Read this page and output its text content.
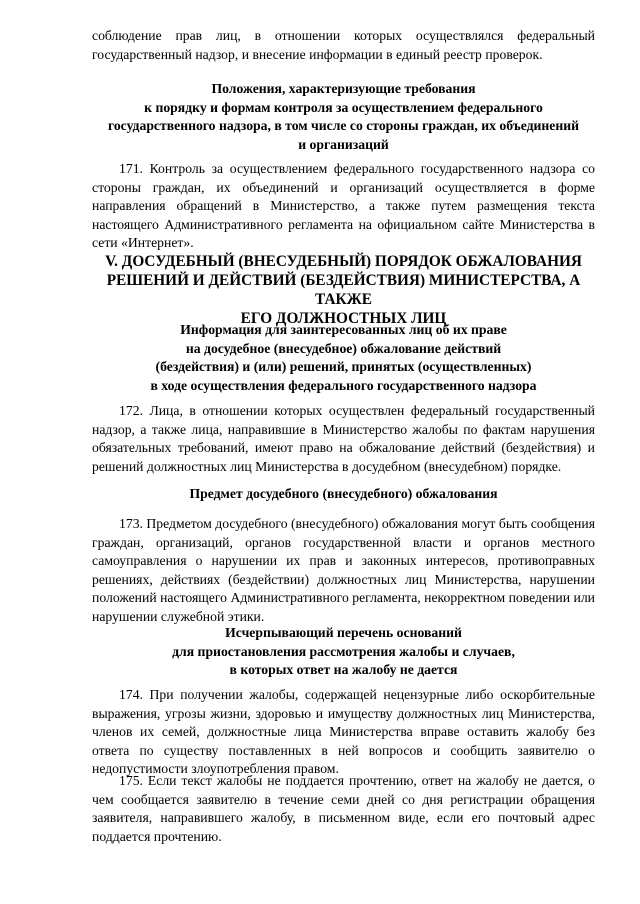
соблюдение прав лиц, в отношении которых осуществлялся федеральный государственный надзор, и внесение информации в единый реестр проверок.

Положения, характеризующие требования
к порядку и формам контроля за осуществлением федерального
государственного надзора, в том числе со стороны граждан, их объединений
и организаций

171. Контроль за осуществлением федерального государственного надзора со стороны граждан, их объединений и организаций осуществляется в форме направления обращений в Министерство, а также путем размещения текста настоящего Административного регламента на официальном сайте Министерства в сети «Интернет».

V. ДОСУДЕБНЫЙ (ВНЕСУДЕБНЫЙ) ПОРЯДОК ОБЖАЛОВАНИЯ
РЕШЕНИЙ И ДЕЙСТВИЙ (БЕЗДЕЙСТВИЯ) МИНИСТЕРСТВА, А ТАКЖЕ
ЕГО ДОЛЖНОСТНЫХ ЛИЦ
Информация для заинтересованных лиц об их праве
на досудебное (внесудебное) обжалование действий
(бездействия) и (или) решений, принятых (осуществленных)
в ходе осуществления федерального государственного надзора

172. Лица, в отношении которых осуществлен федеральный государственный надзор, а также лица, направившие в Министерство жалобы по фактам нарушения обязательных требований, имеют право на обжалование действий (бездействия) и решений должностных лиц Министерства в досудебном (внесудебном) порядке.

Предмет досудебного (внесудебного) обжалования

173. Предметом досудебного (внесудебного) обжалования могут быть сообщения граждан, организаций, органов государственной власти и органов местного самоуправления о нарушении их прав и законных интересов, противоправных решениях, действиях (бездействии) должностных лиц Министерства, нарушении положений настоящего Административного регламента, некорректном поведении или нарушении служебной этики.

Исчерпывающий перечень оснований
для приостановления рассмотрения жалобы и случаев,
в которых ответ на жалобу не дается

174. При получении жалобы, содержащей нецензурные либо оскорбительные выражения, угрозы жизни, здоровью и имуществу должностных лиц Министерства, членов их семей, должностные лица Министерства вправе оставить жалобу без ответа по существу поставленных в ней вопросов и сообщить заявителю о недопустимости злоупотребления правом.

175. Если текст жалобы не поддается прочтению, ответ на жалобу не дается, о чем сообщается заявителю в течение семи дней со дня регистрации обращения заявителя, направившего жалобу, в письменном виде, если его почтовый адрес поддается прочтению.
